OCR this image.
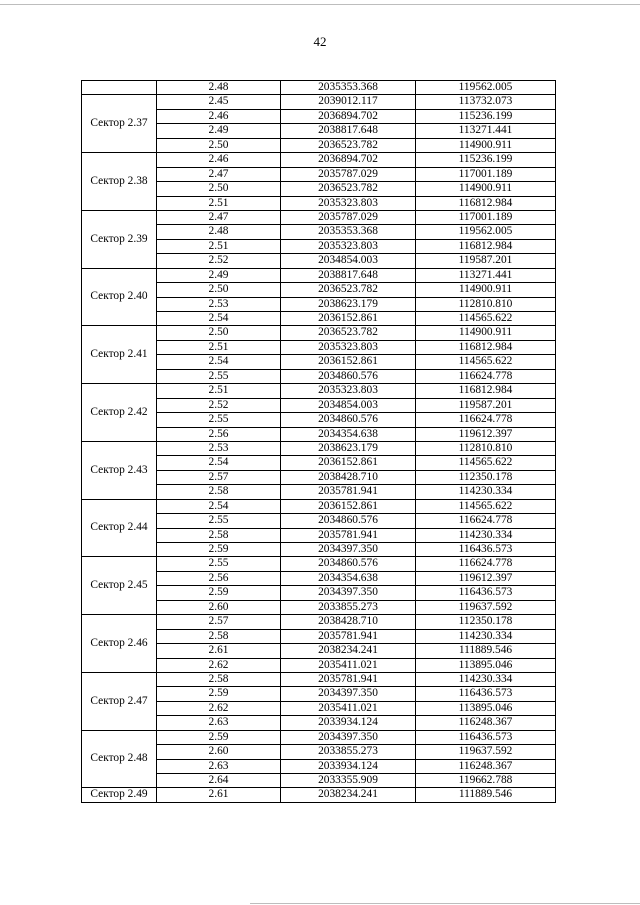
42
	2.48	2035353.368	119562.005
Сектор 2.37	2.45	2039012.117	113732.073
	2.46	2036894.702	115236.199
	2.49	2038817.648	113271.441
	2.50	2036523.782	114900.911
Сектор 2.38	2.46	2036894.702	115236.199
	2.47	2035787.029	117001.189
	2.50	2036523.782	114900.911
	2.51	2035323.803	116812.984
Сектор 2.39	2.47	2035787.029	117001.189
	2.48	2035353.368	119562.005
	2.51	2035323.803	116812.984
	2.52	2034854.003	119587.201
Сектор 2.40	2.49	2038817.648	113271.441
	2.50	2036523.782	114900.911
	2.53	2038623.179	112810.810
	2.54	2036152.861	114565.622
Сектор 2.41	2.50	2036523.782	114900.911
	2.51	2035323.803	116812.984
	2.54	2036152.861	114565.622
	2.55	2034860.576	116624.778
Сектор 2.42	2.51	2035323.803	116812.984
	2.52	2034854.003	119587.201
	2.55	2034860.576	116624.778
	2.56	2034354.638	119612.397
Сектор 2.43	2.53	2038623.179	112810.810
	2.54	2036152.861	114565.622
	2.57	2038428.710	112350.178
	2.58	2035781.941	114230.334
Сектор 2.44	2.54	2036152.861	114565.622
	2.55	2034860.576	116624.778
	2.58	2035781.941	114230.334
	2.59	2034397.350	116436.573
Сектор 2.45	2.55	2034860.576	116624.778
	2.56	2034354.638	119612.397
	2.59	2034397.350	116436.573
	2.60	2033855.273	119637.592
Сектор 2.46	2.57	2038428.710	112350.178
	2.58	2035781.941	114230.334
	2.61	2038234.241	111889.546
	2.62	2035411.021	113895.046
Сектор 2.47	2.58	2035781.941	114230.334
	2.59	2034397.350	116436.573
	2.62	2035411.021	113895.046
	2.63	2033934.124	116248.367
Сектор 2.48	2.59	2034397.350	116436.573
	2.60	2033855.273	119637.592
	2.63	2033934.124	116248.367
	2.64	2033355.909	119662.788
Сектор 2.49	2.61	2038234.241	111889.546
